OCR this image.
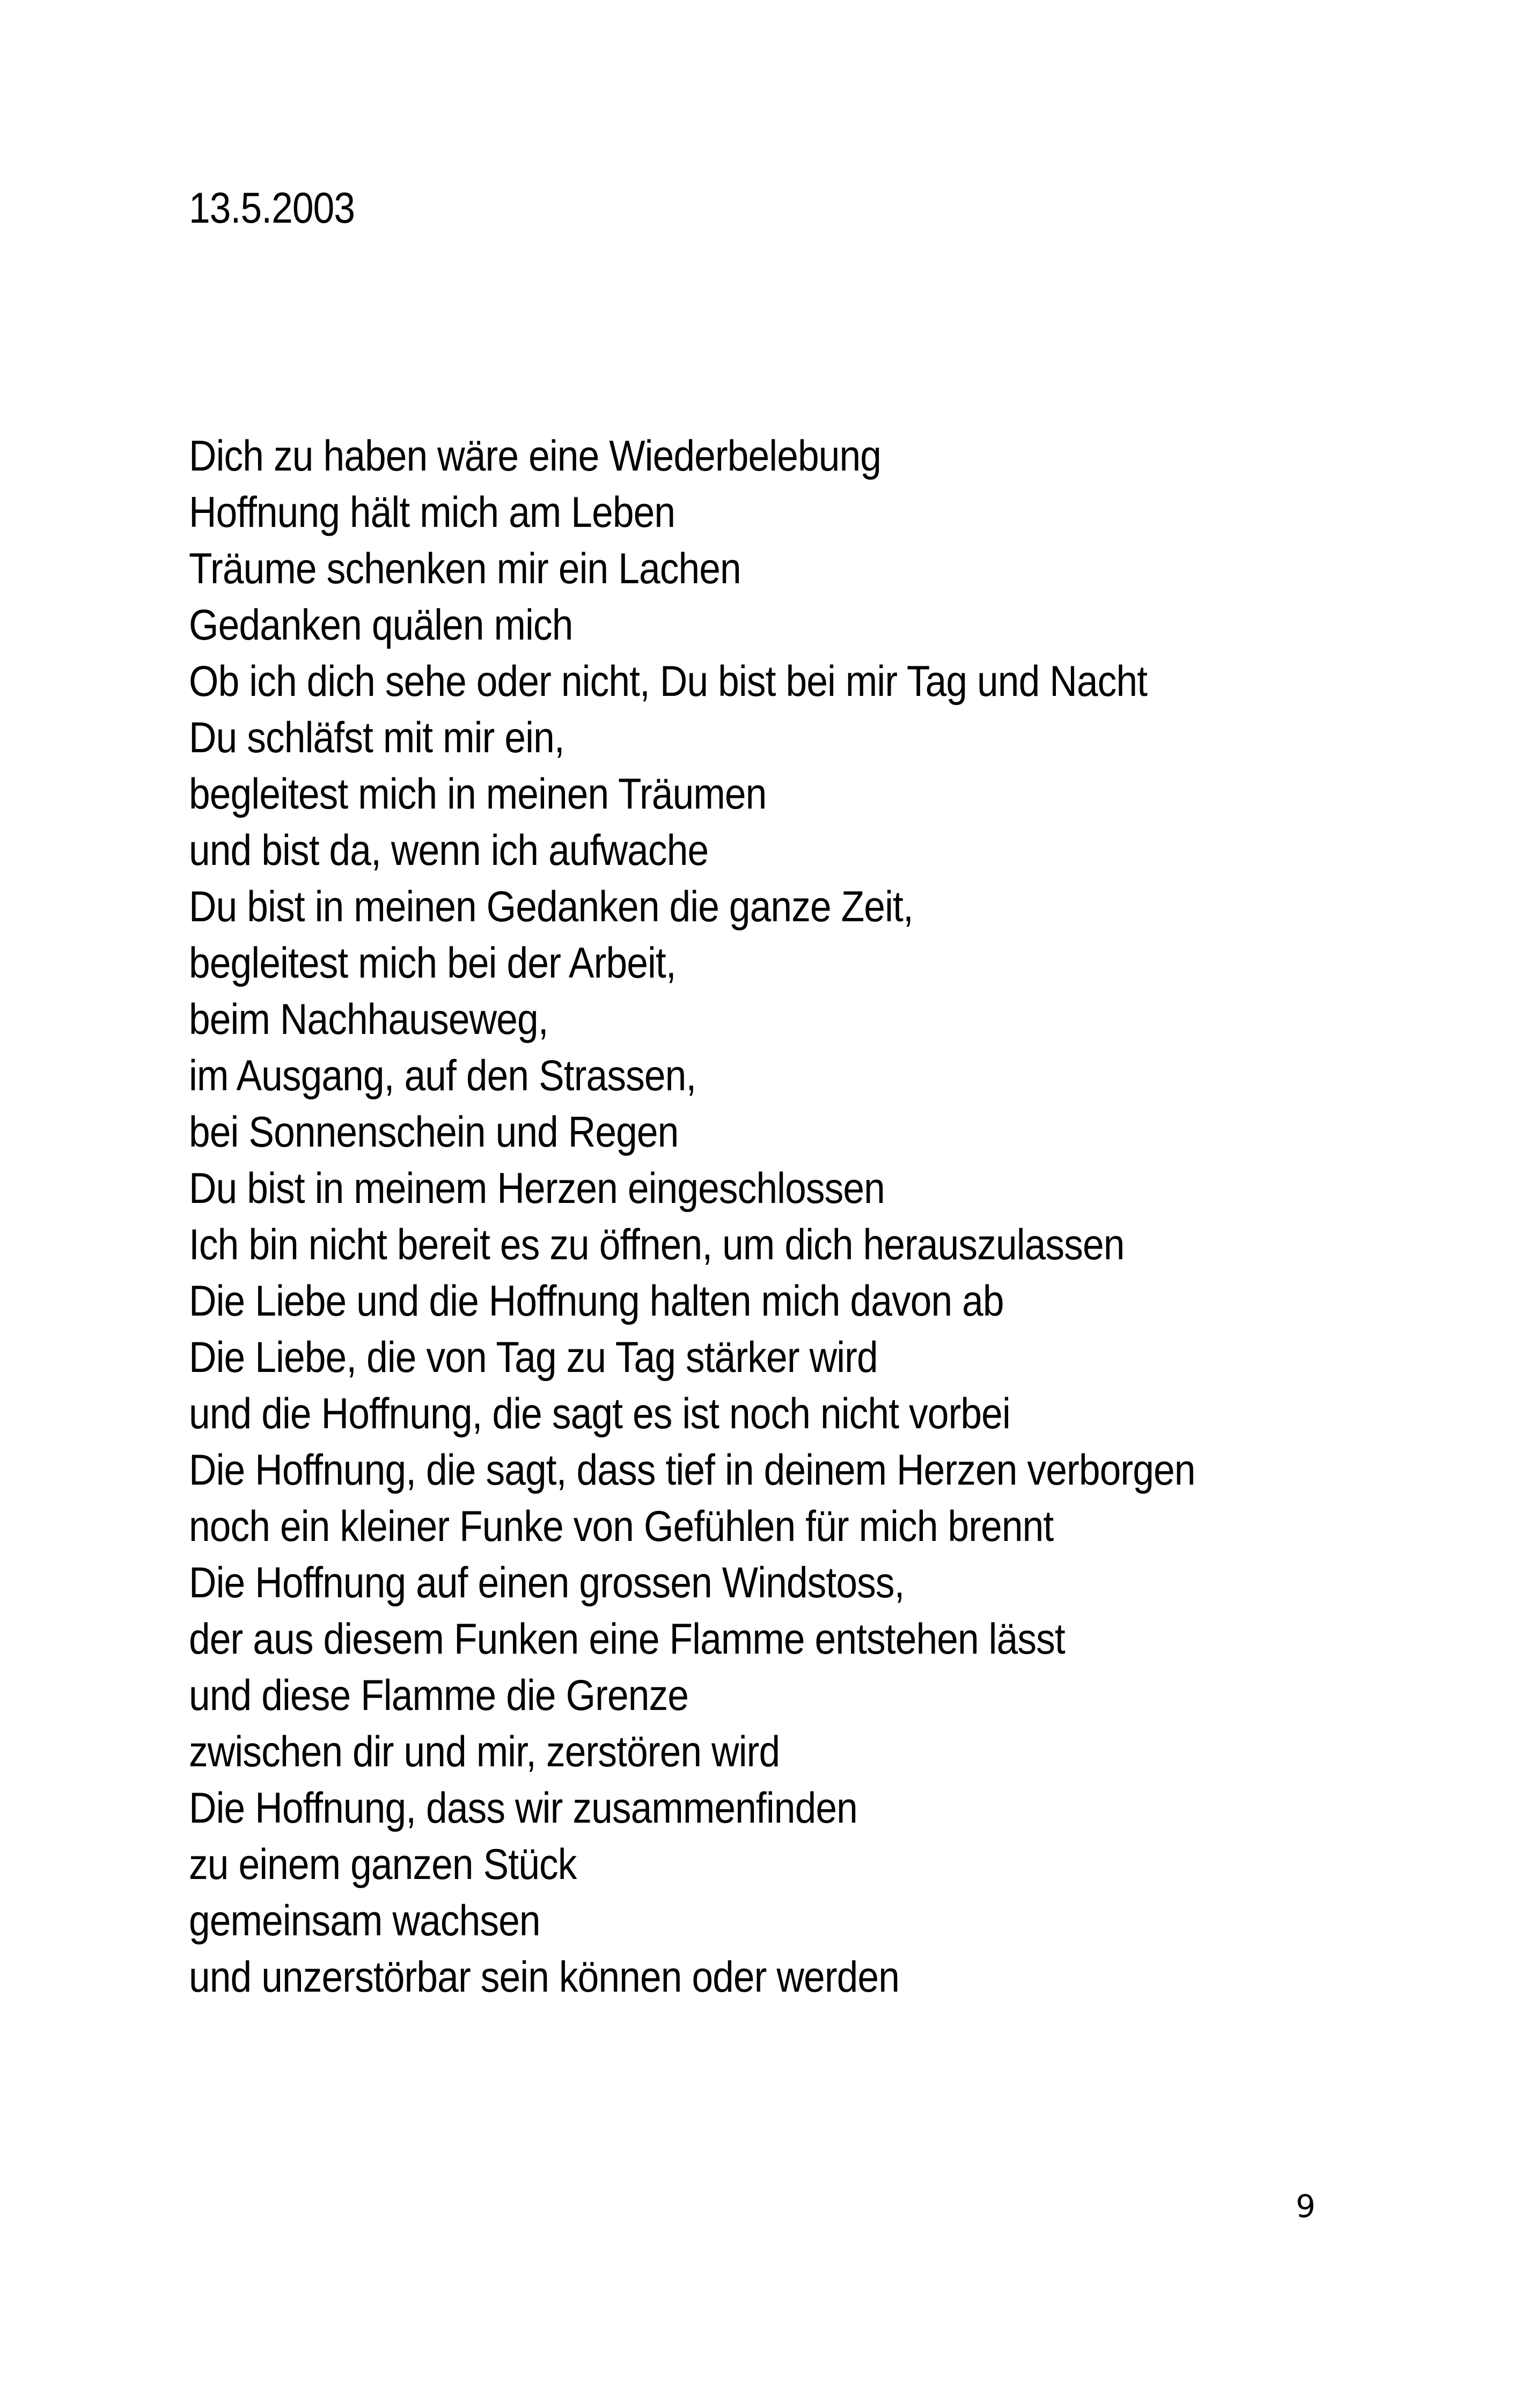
13.5.2003
Dich zu haben wäre eine Wiederbelebung
Hoffnung hält mich am Leben
Träume schenken mir ein Lachen
Gedanken quälen mich
Ob ich dich sehe oder nicht, Du bist bei mir Tag und Nacht
Du schläfst mit mir ein,
begleitest mich in meinen Träumen
und bist da, wenn ich aufwache
Du bist in meinen Gedanken die ganze Zeit,
begleitest mich bei der Arbeit,
beim Nachhauseweg,
im Ausgang, auf den Strassen,
bei Sonnenschein und Regen
Du bist in meinem Herzen eingeschlossen
Ich bin nicht bereit es zu öffnen, um dich herauszulassen
Die Liebe und die Hoffnung halten mich davon ab
Die Liebe, die von Tag zu Tag stärker wird
und die Hoffnung, die sagt es ist noch nicht vorbei
Die Hoffnung, die sagt, dass tief in deinem Herzen verborgen
noch ein kleiner Funke von Gefühlen für mich brennt
Die Hoffnung auf einen grossen Windstoss,
der aus diesem Funken eine Flamme entstehen lässt
und diese Flamme die Grenze
zwischen dir und mir, zerstören wird
Die Hoffnung, dass wir zusammenfinden
zu einem ganzen Stück
gemeinsam wachsen
und unzerstörbar sein können oder werden
9
